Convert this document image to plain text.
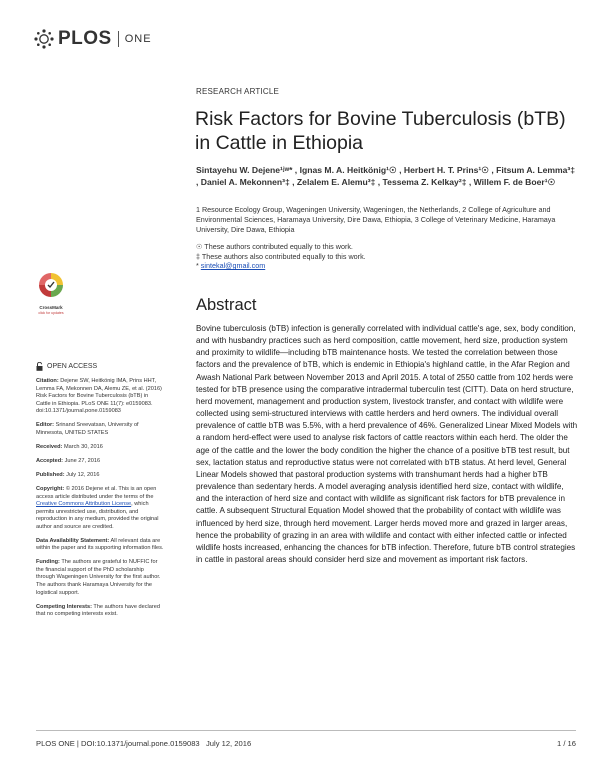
PLOS ONE
RESEARCH ARTICLE
Risk Factors for Bovine Tuberculosis (bTB) in Cattle in Ethiopia
Sintayehu W. Dejene¹ʲʷ* , Ignas M. A. Heitkönig¹☉ , Herbert H. T. Prins¹☉ , Fitsum A. Lemma³‡ , Daniel A. Mekonnen³‡ , Zelalem E. Alemu³‡ , Tessema Z. Kelkay²‡ , Willem F. de Boer¹☉
1 Resource Ecology Group, Wageningen University, Wageningen, the Netherlands, 2 College of Agriculture and Environmental Sciences, Haramaya University, Dire Dawa, Ethiopia, 3 College of Veterinary Medicine, Haramaya University, Dire Dawa, Ethiopia
☉ These authors contributed equally to this work.
‡ These authors also contributed equally to this work.
* sintekal@gmail.com
CrossMark
click for updates	Abstract

Bovine tuberculosis (bTB) infection is generally correlated with individual cattle's age, sex, body condition, and with husbandry practices such as herd composition, cattle movement, herd size, production system and proximity to wildlife—including bTB maintenance hosts. We tested the correlation between those factors and the prevalence of bTB, which is endemic in Ethiopia's highland cattle, in the Afar Region and Awash National Park between November 2013 and April 2015. A total of 2550 cattle from 102 herds were tested for bTB presence using the comparative intradermal tuberculin test (CITT). Data on herd structure, herd movement, management and production system, livestock transfer, and contact with wildlife were collected using semi-structured interviews with cattle herders and herd owners. The individual overall prevalence of cattle bTB was 5.5%, with a herd prevalence of 46%. Generalized Linear Mixed Models with a random herd-effect were used to analyse risk factors of cattle reactors within each herd. The older the age of the cattle and the lower the body condition the higher the chance of a positive bTB test result, but sex, lactation status and reproductive status were not correlated with bTB status. At herd level, General Linear Models showed that pastoral production systems with transhumant herds had a higher bTB prevalence than sedentary herds. A model averaging analysis identified herd size, contact with wildlife, and the interaction of herd size and contact with wildlife as significant risk factors for bTB prevalence in cattle. A subsequent Structural Equation Model showed that the probability of contact with wildlife was influenced by herd size, through herd movement. Larger herds moved more and grazed in larger areas, hence the probability of grazing in an area with wildlife and contact with either infected cattle or infected wildlife hosts increased, enhancing the chances for bTB infection. Therefore, future bTB control strategies in cattle in pastoral areas should consider herd size and movement as important risk factors.

OPEN ACCESS

Citation: Dejene SW, Heitkönig IMA, Prins HHT, Lemma FA, Mekonnen DA, Alemu ZE, et al. (2016) Risk Factors for Bovine Tuberculosis (bTB) in Cattle in Ethiopia. PLoS ONE 11(7): e0159083. doi:10.1371/journal.pone.0159083

Editor: Srinand Sreevatsan, University of Minnesota, UNITED STATES

Received: March 30, 2016

Accepted: June 27, 2016

Published: July 12, 2016

Copyright: © 2016 Dejene et al. This is an open access article distributed under the terms of the Creative Commons Attribution License, which permits unrestricted use, distribution, and reproduction in any medium, provided the original author and source are credited.

Data Availability Statement: All relevant data are within the paper and its supporting information files.

Funding: The authors are grateful to NUFFIC for the financial support of the PhD scholarship through Wageningen University for the first author. The authors thank Haramaya University for the logistical support.

Competing Interests: The authors have declared that no competing interests exist.

PLOS ONE | DOI:10.1371/journal.pone.0159083   July 12, 2016	1 / 16
